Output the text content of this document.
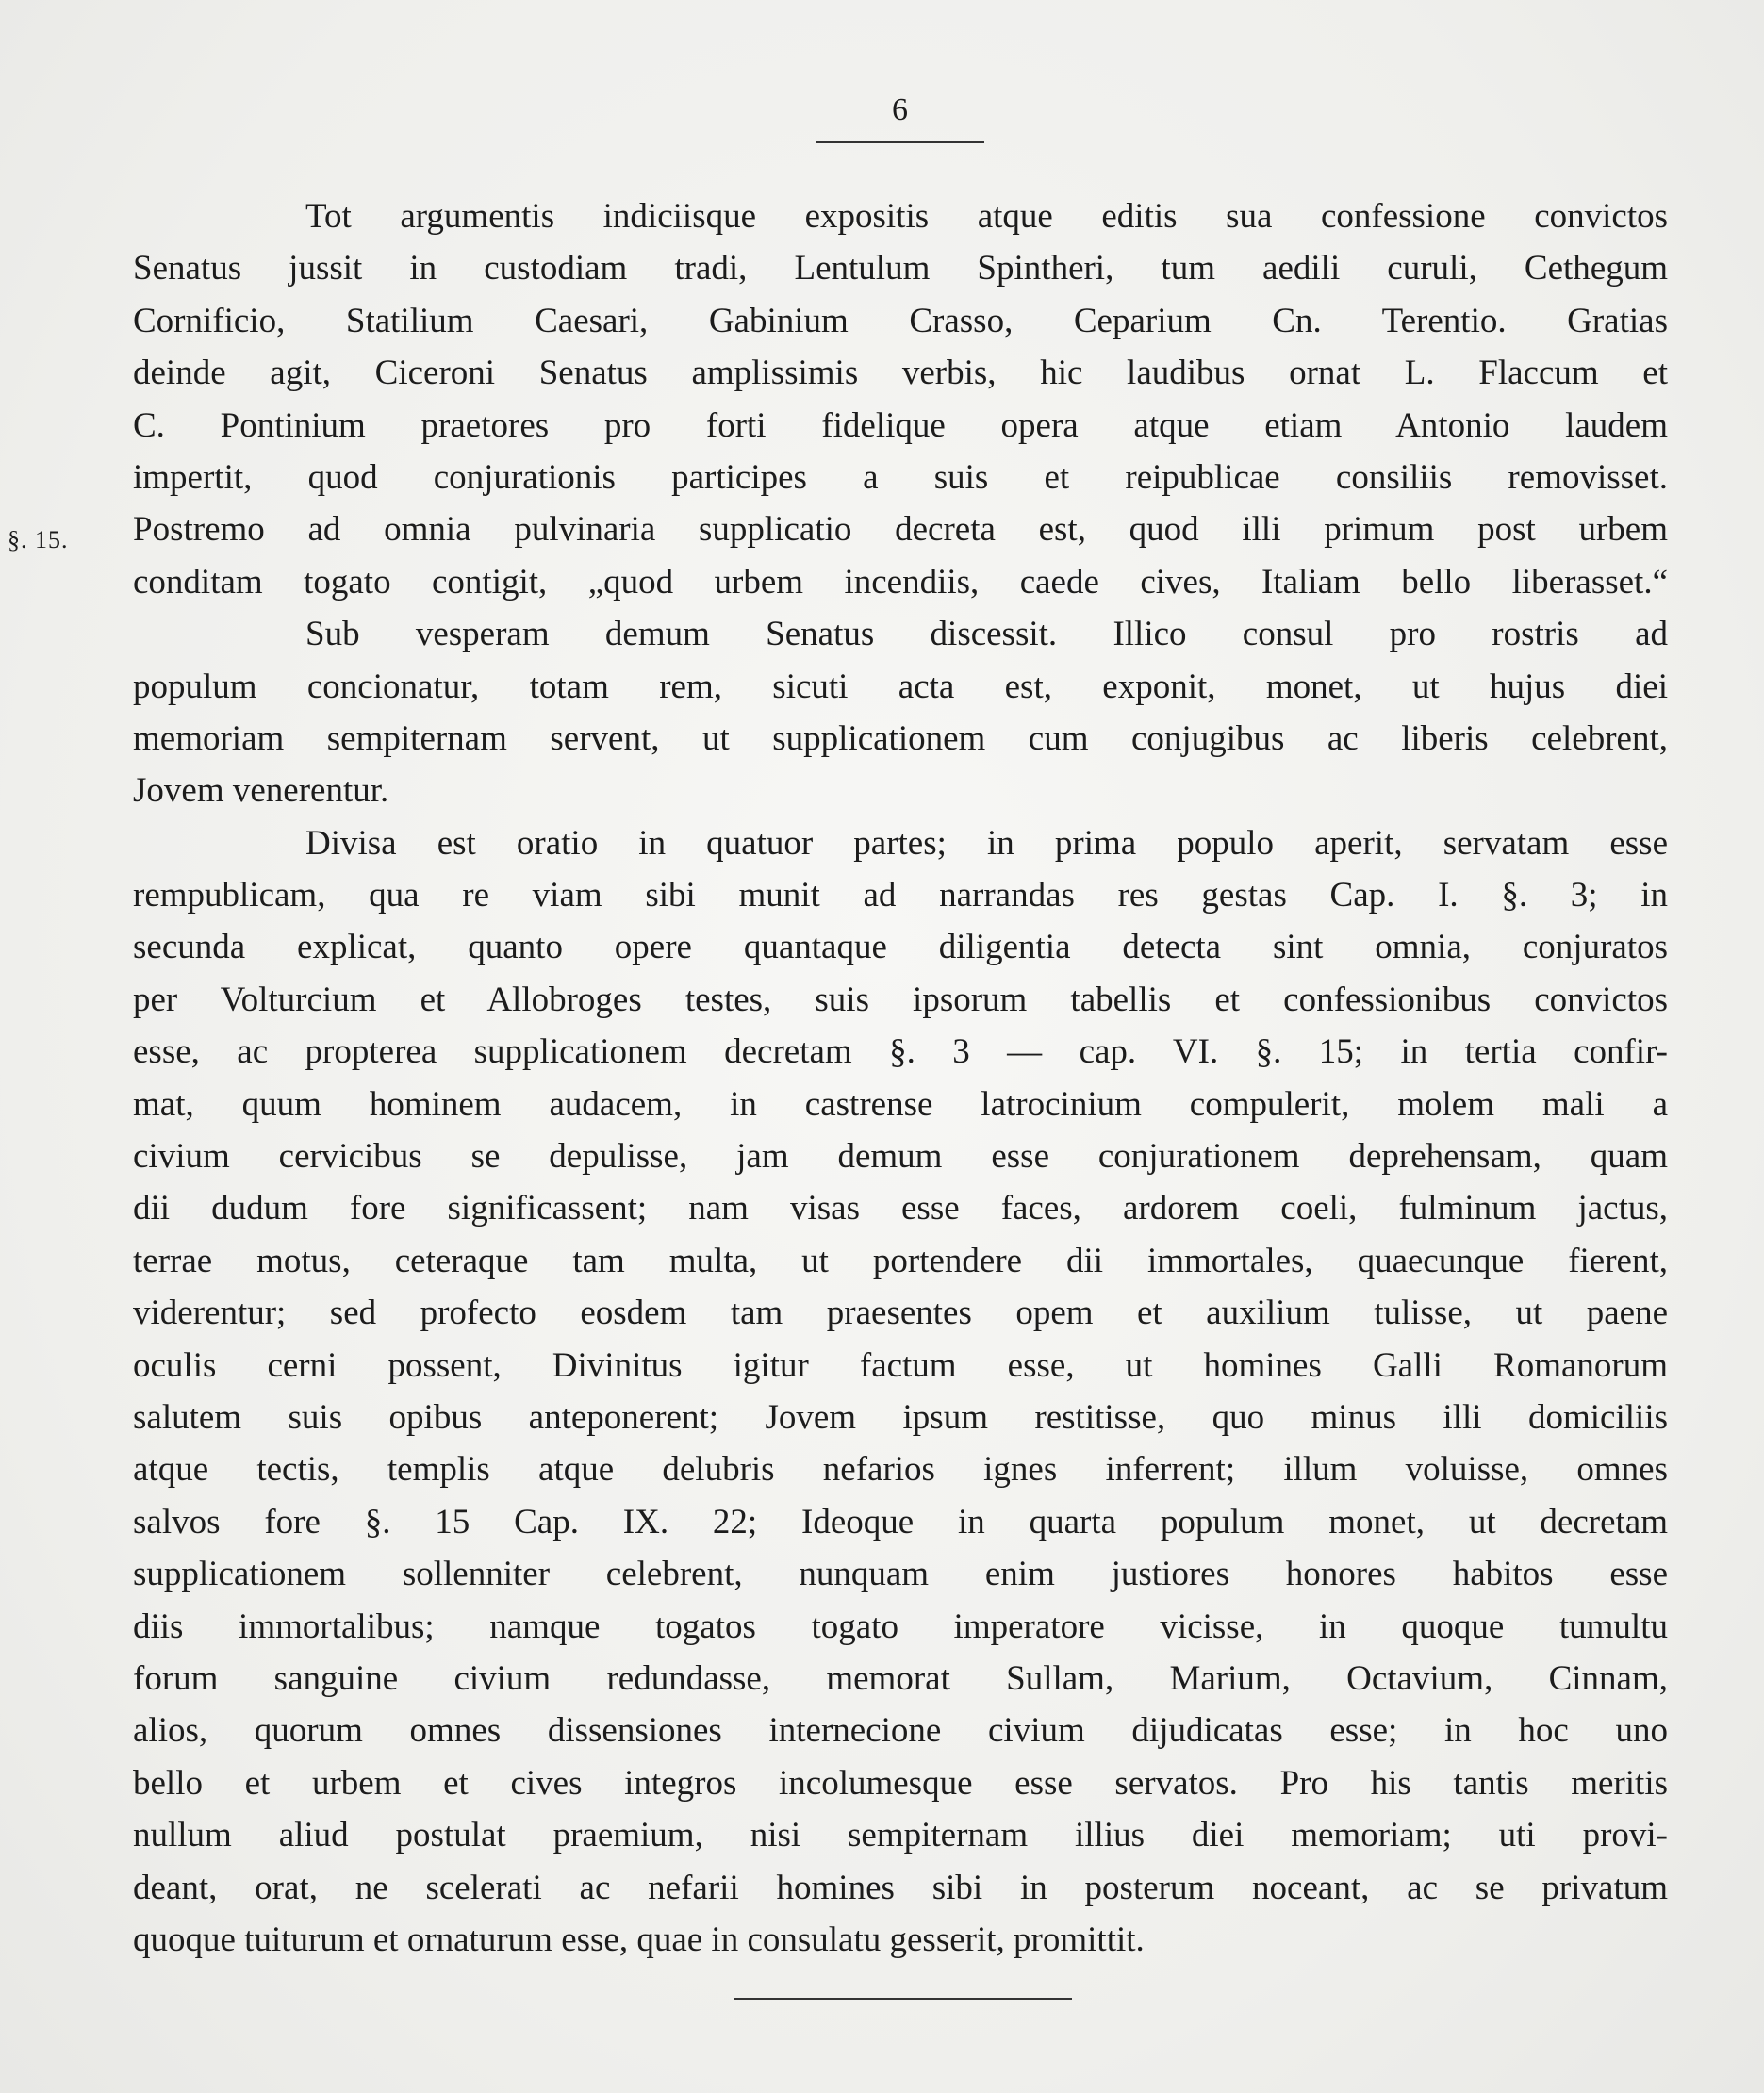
6
§. 15.
Tot argumentis indiciisque expositis atque editis sua confessione convictos
Senatus jussit in custodiam tradi, Lentulum Spintheri, tum aedili curuli, Cethegum
Cornificio, Statilium Caesari, Gabinium Crasso, Ceparium Cn. Terentio. Gratias
deinde agit, Ciceroni Senatus amplissimis verbis, hic laudibus ornat L. Flaccum et
C. Pontinium praetores pro forti fidelique opera atque etiam Antonio laudem
impertit, quod conjurationis participes a suis et reipublicae consiliis removisset.
Postremo ad omnia pulvinaria supplicatio decreta est, quod illi primum post urbem
conditam togato contigit, „quod urbem incendiis, caede cives, Italiam bello liberasset.“
Sub vesperam demum Senatus discessit. Illico consul pro rostris ad
populum concionatur, totam rem, sicuti acta est, exponit, monet, ut hujus diei
memoriam sempiternam servent, ut supplicationem cum conjugibus ac liberis celebrent,
Jovem venerentur.
Divisa est oratio in quatuor partes; in prima populo aperit, servatam esse
rempublicam, qua re viam sibi munit ad narrandas res gestas Cap. I. §. 3; in
secunda explicat, quanto opere quantaque diligentia detecta sint omnia, conjuratos
per Volturcium et Allobroges testes, suis ipsorum tabellis et confessionibus convictos
esse, ac propterea supplicationem decretam §. 3 — cap. VI. §. 15; in tertia confir-
mat, quum hominem audacem, in castrense latrocinium compulerit, molem mali a
civium cervicibus se depulisse, jam demum esse conjurationem deprehensam, quam
dii dudum fore significassent; nam visas esse faces, ardorem coeli, fulminum jactus,
terrae motus, ceteraque tam multa, ut portendere dii immortales, quaecunque fierent,
viderentur; sed profecto eosdem tam praesentes opem et auxilium tulisse, ut paene
oculis cerni possent, Divinitus igitur factum esse, ut homines Galli Romanorum
salutem suis opibus anteponerent; Jovem ipsum restitisse, quo minus illi domiciliis
atque tectis, templis atque delubris nefarios ignes inferrent; illum voluisse, omnes
salvos fore §. 15 Cap. IX. 22; Ideoque in quarta populum monet, ut decretam
supplicationem sollenniter celebrent, nunquam enim justiores honores habitos esse
diis immortalibus; namque togatos togato imperatore vicisse, in quoque tumultu
forum sanguine civium redundasse, memorat Sullam, Marium, Octavium, Cinnam,
alios, quorum omnes dissensiones internecione civium dijudicatas esse; in hoc uno
bello et urbem et cives integros incolumesque esse servatos. Pro his tantis meritis
nullum aliud postulat praemium, nisi sempiternam illius diei memoriam; uti provi-
deant, orat, ne scelerati ac nefarii homines sibi in posterum noceant, ac se privatum
quoque tuiturum et ornaturum esse, quae in consulatu gesserit, promittit.
